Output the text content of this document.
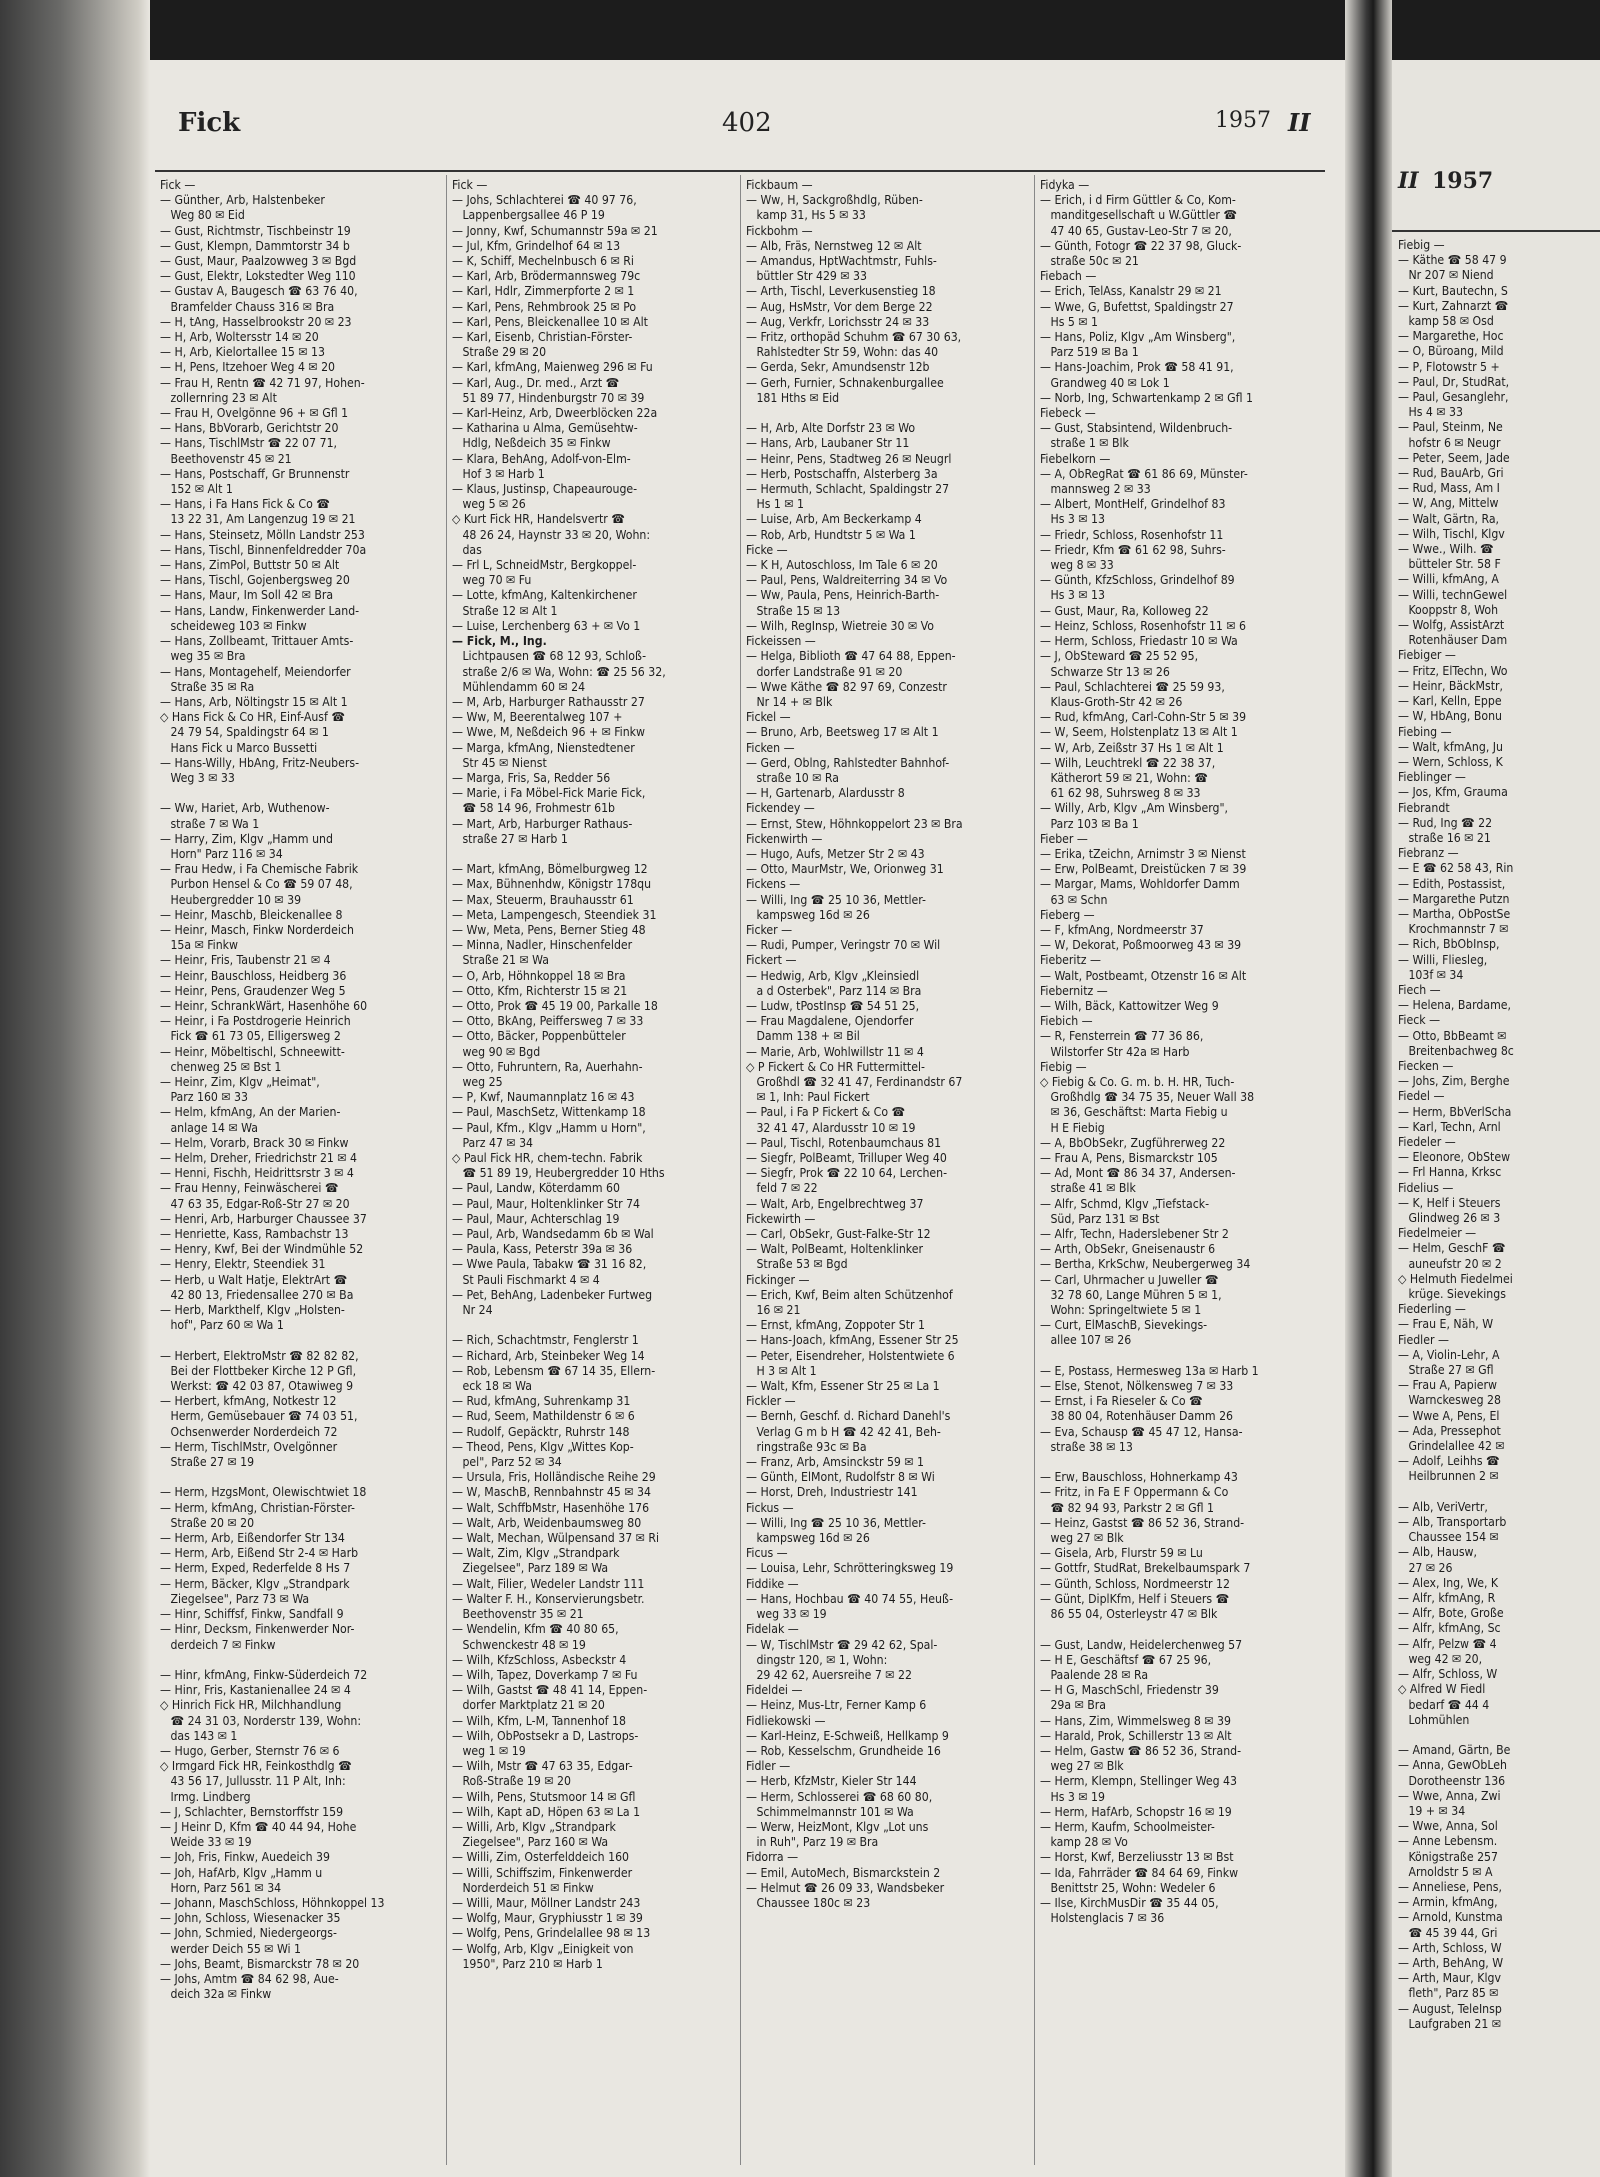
II 1957
Fiebig —
— Käthe ☎ 58 47 9
Nr 207 ✉ Niend
— Kurt, Bautechn, S
— Kurt, Zahnarzt ☎
kamp 58 ✉ Osd
— Margarethe, Hoc
— O, Büroang, Mild
— P, Flotowstr 5 +
— Paul, Dr, StudRat,
— Paul, Gesanglehr,
Hs 4 ✉ 33
— Paul, Steinm, Ne
hofstr 6 ✉ Neugr
— Peter, Seem, Jade
— Rud, BauArb, Gri
— Rud, Mass, Am I
— W, Ang, Mittelw
— Walt, Gärtn, Ra,
— Wilh, Tischl, Klgv
— Wwe., Wilh. ☎
bütteler Str. 58 F
— Willi, kfmAng, A
— Willi, technGewel
Kooppstr 8, Woh
— Wolfg, AssistArzt
Rotenhäuser Dam
Fiebiger —
— Fritz, ElTechn, Wo
— Heinr, BäckMstr,
— Karl, Kelln, Eppe
— W, HbAng, Bonu
Fiebing —
— Walt, kfmAng, Ju
— Wern, Schloss, K
Fieblinger —
— Jos, Kfm, Grauma
Fiebrandt
— Rud, Ing ☎ 22
straße 16 ✉ 21
Fiebranz —
— E ☎ 62 58 43, Rin
— Edith, Postassist,
— Margarethe Putzn
— Martha, ObPostSe
Krochmannstr 7 ✉
— Rich, BbObInsp,
— Willi, Fliesleg,
103f ✉ 34
Fiech —
— Helena, Bardame,
Fieck —
— Otto, BbBeamt ✉
Breitenbachweg 8c
Fiecken —
— Johs, Zim, Berghe
Fiedel —
— Herm, BbVerlScha
— Karl, Techn, Arnl
Fiedeler —
— Eleonore, ObStew
— Frl Hanna, Krksc
Fidelius —
— K, Helf i Steuers
Glindweg 26 ✉ 3
Fiedelmeier —
— Helm, GeschF ☎
auneufstr 20 ✉ 2
◇ Helmuth Fiedelmei
krüge. Sievekings
Fiederling —
— Frau E, Näh, W
Fiedler —
— A, Violin-Lehr, A
Straße 27 ✉ Gfl
— Frau A, Papierw
Warnckesweg 28
— Wwe A, Pens, El
— Ada, Pressephot
Grindelallee 42 ✉
— Adolf, Leihhs ☎
Heilbrunnen 2 ✉

— Alb, VeriVertr,
— Alb, Transportarb
Chaussee 154 ✉
— Alb, Hausw,
27 ✉ 26
— Alex, Ing, We, K
— Alfr, kfmAng, R
— Alfr, Bote, Große
— Alfr, kfmAng, Sc
— Alfr, Pelzw ☎ 4
weg 42 ✉ 20,
— Alfr, Schloss, W
◇ Alfred W Fiedl
bedarf ☎ 44 4
Lohmühlen

— Amand, Gärtn, Be
— Anna, GewObLeh
Dorotheenstr 136
— Wwe, Anna, Zwi
19 + ✉ 34
— Wwe, Anna, Sol
— Anne Lebensm.
Königstraße 257
Arnoldstr 5 ✉ A
— Anneliese, Pens,
— Armin, kfmAng,
— Arnold, Kunstma
☎ 45 39 44, Gri
— Arth, Schloss, W
— Arth, BehAng, W
— Arth, Maur, Klgv
fleth", Parz 85 ✉
— August, TeleInsp
Laufgraben 21 ✉
Fick	402	1957 II
Fick —
— Günther, Arb, Halstenbeker
Weg 80 ✉ Eid
— Gust, Richtmstr, Tischbeinstr 19
— Gust, Klempn, Dammtorstr 34 b
— Gust, Maur, Paalzowweg 3 ✉ Bgd
— Gust, Elektr, Lokstedter Weg 110
— Gustav A, Baugesch ☎ 63 76 40,
Bramfelder Chauss 316 ✉ Bra
— H, tAng, Hasselbrookstr 20 ✉ 23
— H, Arb, Woltersstr 14 ✉ 20
— H, Arb, Kielortallee 15 ✉ 13
— H, Pens, Itzehoer Weg 4 ✉ 20
— Frau H, Rentn ☎ 42 71 97, Hohen-
zollernring 23 ✉ Alt
— Frau H, Ovelgönne 96 + ✉ Gfl 1
— Hans, BbVorarb, Gerichtstr 20
— Hans, TischlMstr ☎ 22 07 71,
Beethovenstr 45 ✉ 21
— Hans, Postschaff, Gr Brunnenstr
152 ✉ Alt 1
— Hans, i Fa Hans Fick & Co ☎
13 22 31, Am Langenzug 19 ✉ 21
— Hans, Steinsetz, Mölln Landstr 253
— Hans, Tischl, Binnenfeldredder 70a
— Hans, ZimPol, Buttstr 50 ✉ Alt
— Hans, Tischl, Gojenbergsweg 20
— Hans, Maur, Im Soll 42 ✉ Bra
— Hans, Landw, Finkenwerder Land-
scheideweg 103 ✉ Finkw
— Hans, Zollbeamt, Trittauer Amts-
weg 35 ✉ Bra
— Hans, Montagehelf, Meiendorfer
Straße 35 ✉ Ra
— Hans, Arb, Nöltingstr 15 ✉ Alt 1
◇ Hans Fick & Co HR, Einf-Ausf ☎
24 79 54, Spaldingstr 64 ✉ 1
Hans Fick u Marco Bussetti
— Hans-Willy, HbAng, Fritz-Neubers-
Weg 3 ✉ 33

— Ww, Hariet, Arb, Wuthenow-
straße 7 ✉ Wa 1
— Harry, Zim, Klgv „Hamm und
Horn" Parz 116 ✉ 34
— Frau Hedw, i Fa Chemische Fabrik
Purbon Hensel & Co ☎ 59 07 48,
Heubergredder 10 ✉ 39
— Heinr, Maschb, Bleickenallee 8
— Heinr, Masch, Finkw Norderdeich
15a ✉ Finkw
— Heinr, Fris, Taubenstr 21 ✉ 4
— Heinr, Bauschloss, Heidberg 36
— Heinr, Pens, Graudenzer Weg 5
— Heinr, SchrankWärt, Hasenhöhe 60
— Heinr, i Fa Postdrogerie Heinrich
Fick ☎ 61 73 05, Elligersweg 2
— Heinr, Möbeltischl, Schneewitt-
chenweg 25 ✉ Bst 1
— Heinr, Zim, Klgv „Heimat",
Parz 160 ✉ 33
— Helm, kfmAng, An der Marien-
anlage 14 ✉ Wa
— Helm, Vorarb, Brack 30 ✉ Finkw
— Helm, Dreher, Friedrichstr 21 ✉ 4
— Henni, Fischh, Heidrittsrstr 3 ✉ 4
— Frau Henny, Feinwäscherei ☎
47 63 35, Edgar-Roß-Str 27 ✉ 20
— Henri, Arb, Harburger Chaussee 37
— Henriette, Kass, Rambachstr 13
— Henry, Kwf, Bei der Windmühle 52
— Henry, Elektr, Steendiek 31
— Herb, u Walt Hatje, ElektrArt ☎
42 80 13, Friedensallee 270 ✉ Ba
— Herb, Markthelf, Klgv „Holsten-
hof", Parz 60 ✉ Wa 1

— Herbert, ElektroMstr ☎ 82 82 82,
Bei der Flottbeker Kirche 12 P Gfl,
Werkst: ☎ 42 03 87, Otawiweg 9
— Herbert, kfmAng, Notkestr 12
Herm, Gemüsebauer ☎ 74 03 51,
Ochsenwerder Norderdeich 72
— Herm, TischlMstr, Ovelgönner
Straße 27 ✉ 19

— Herm, HzgsMont, Olewischtwiet 18
— Herm, kfmAng, Christian-Förster-
Straße 20 ✉ 20
— Herm, Arb, Eißendorfer Str 134
— Herm, Arb, Eißend Str 2-4 ✉ Harb
— Herm, Exped, Rederfelde 8 Hs 7
— Herm, Bäcker, Klgv „Strandpark
Ziegelsee", Parz 73 ✉ Wa
— Hinr, Schiffsf, Finkw, Sandfall 9
— Hinr, Decksm, Finkenwerder Nor-
derdeich 7 ✉ Finkw

— Hinr, kfmAng, Finkw-Süderdeich 72
— Hinr, Fris, Kastanienallee 24 ✉ 4
◇ Hinrich Fick HR, Milchhandlung
☎ 24 31 03, Norderstr 139, Wohn:
das 143 ✉ 1
— Hugo, Gerber, Sternstr 76 ✉ 6
◇ Irmgard Fick HR, Feinkosthdlg ☎
43 56 17, Jullusstr. 11 P Alt, Inh:
Irmg. Lindberg
— J, Schlachter, Bernstorffstr 159
— J Heinr D, Kfm ☎ 40 44 94, Hohe
Weide 33 ✉ 19
— Joh, Fris, Finkw, Auedeich 39
— Joh, HafArb, Klgv „Hamm u
Horn, Parz 561 ✉ 34
— Johann, MaschSchloss, Höhnkoppel 13
— John, Schloss, Wiesenacker 35
— John, Schmied, Niedergeorgs-
werder Deich 55 ✉ Wi 1
— Johs, Beamt, Bismarckstr 78 ✉ 20
— Johs, Amtm ☎ 84 62 98, Aue-
deich 32a ✉ Finkw
Fick —
— Johs, Schlachterei ☎ 40 97 76,
Lappenbergsallee 46 P 19
— Jonny, Kwf, Schumannstr 59a ✉ 21
— Jul, Kfm, Grindelhof 64 ✉ 13
— K, Schiff, Mechelnbusch 6 ✉ Ri
— Karl, Arb, Brödermannsweg 79c
— Karl, Hdlr, Zimmerpforte 2 ✉ 1
— Karl, Pens, Rehmbrook 25 ✉ Po
— Karl, Pens, Bleickenallee 10 ✉ Alt
— Karl, Eisenb, Christian-Förster-
Straße 29 ✉ 20
— Karl, kfmAng, Maienweg 296 ✉ Fu
— Karl, Aug., Dr. med., Arzt ☎
51 89 77, Hindenburgstr 70 ✉ 39
— Karl-Heinz, Arb, Dweerblöcken 22a
— Katharina u Alma, Gemüsehtw-
Hdlg, Neßdeich 35 ✉ Finkw
— Klara, BehAng, Adolf-von-Elm-
Hof 3 ✉ Harb 1
— Klaus, Justinsp, Chapeaurouge-
weg 5 ✉ 26
◇ Kurt Fick HR, Handelsvertr ☎
48 26 24, Haynstr 33 ✉ 20, Wohn:
das
— Frl L, SchneidMstr, Bergkoppel-
weg 70 ✉ Fu
— Lotte, kfmAng, Kaltenkirchener
Straße 12 ✉ Alt 1
— Luise, Lerchenberg 63 + ✉ Vo 1
— Fick, M., Ing.
Lichtpausen ☎ 68 12 93, Schloß-
straße 2/6 ✉ Wa, Wohn: ☎ 25 56 32,
Mühlendamm 60 ✉ 24
— M, Arb, Harburger Rathausstr 27
— Ww, M, Beerentalweg 107 +
— Wwe, M, Neßdeich 96 + ✉ Finkw
— Marga, kfmAng, Nienstedtener
Str 45 ✉ Nienst
— Marga, Fris, Sa, Redder 56
— Marie, i Fa Möbel-Fick Marie Fick,
☎ 58 14 96, Frohmestr 61b
— Mart, Arb, Harburger Rathaus-
straße 27 ✉ Harb 1

— Mart, kfmAng, Bömelburgweg 12
— Max, Bühnenhdw, Königstr 178qu
— Max, Steuerm, Brauhausstr 61
— Meta, Lampengesch, Steendiek 31
— Ww, Meta, Pens, Berner Stieg 48
— Minna, Nadler, Hinschenfelder
Straße 21 ✉ Wa
— O, Arb, Höhnkoppel 18 ✉ Bra
— Otto, Kfm, Richterstr 15 ✉ 21
— Otto, Prok ☎ 45 19 00, Parkalle 18
— Otto, BkAng, Peiffersweg 7 ✉ 33
— Otto, Bäcker, Poppenbütteler
weg 90 ✉ Bgd
— Otto, Fuhruntern, Ra, Auerhahn-
weg 25
— P, Kwf, Naumannplatz 16 ✉ 43
— Paul, MaschSetz, Wittenkamp 18
— Paul, Kfm., Klgv „Hamm u Horn",
Parz 47 ✉ 34
◇ Paul Fick HR, chem-techn. Fabrik
☎ 51 89 19, Heubergredder 10 Hths
— Paul, Landw, Köterdamm 60
— Paul, Maur, Holtenklinker Str 74
— Paul, Maur, Achterschlag 19
— Paul, Arb, Wandsedamm 6b ✉ Wal
— Paula, Kass, Peterstr 39a ✉ 36
— Wwe Paula, Tabakw ☎ 31 16 82,
St Pauli Fischmarkt 4 ✉ 4
— Pet, BehAng, Ladenbeker Furtweg
Nr 24

— Rich, Schachtmstr, Fenglerstr 1
— Richard, Arb, Steinbeker Weg 14
— Rob, Lebensm ☎ 67 14 35, Ellern-
eck 18 ✉ Wa
— Rud, kfmAng, Suhrenkamp 31
— Rud, Seem, Mathildenstr 6 ✉ 6
— Rudolf, Gepäcktr, Ruhrstr 148
— Theod, Pens, Klgv „Wittes Kop-
pel", Parz 52 ✉ 34
— Ursula, Fris, Holländische Reihe 29
— W, MaschB, Rennbahnstr 45 ✉ 34
— Walt, SchffbMstr, Hasenhöhe 176
— Walt, Arb, Weidenbaumsweg 80
— Walt, Mechan, Wülpensand 37 ✉ Ri
— Walt, Zim, Klgv „Strandpark
Ziegelsee", Parz 189 ✉ Wa
— Walt, Filier, Wedeler Landstr 111
— Walter F. H., Konservierungsbetr.
Beethovenstr 35 ✉ 21
— Wendelin, Kfm ☎ 40 80 65,
Schwenckestr 48 ✉ 19
— Wilh, KfzSchloss, Asbeckstr 4
— Wilh, Tapez, Doverkamp 7 ✉ Fu
— Wilh, Gastst ☎ 48 41 14, Eppen-
dorfer Marktplatz 21 ✉ 20
— Wilh, Kfm, L-M, Tannenhof 18
— Wilh, ObPostsekr a D, Lastrops-
weg 1 ✉ 19
— Wilh, Mstr ☎ 47 63 35, Edgar-
Roß-Straße 19 ✉ 20
— Wilh, Pens, Stutsmoor 14 ✉ Gfl
— Wilh, Kapt aD, Höpen 63 ✉ La 1
— Willi, Arb, Klgv „Strandpark
Ziegelsee", Parz 160 ✉ Wa
— Willi, Zim, Osterfelddeich 160
— Willi, Schiffszim, Finkenwerder
Norderdeich 51 ✉ Finkw
— Willi, Maur, Möllner Landstr 243
— Wolfg, Maur, Gryphiusstr 1 ✉ 39
— Wolfg, Pens, Grindelallee 98 ✉ 13
— Wolfg, Arb, Klgv „Einigkeit von
1950", Parz 210 ✉ Harb 1
Fickbaum —
— Ww, H, Sackgroßhdlg, Rüben-
kamp 31, Hs 5 ✉ 33
Fickbohm —
— Alb, Fräs, Nernstweg 12 ✉ Alt
— Amandus, HptWachtmstr, Fuhls-
büttler Str 429 ✉ 33
— Arth, Tischl, Leverkusenstieg 18
— Aug, HsMstr, Vor dem Berge 22
— Aug, Verkfr, Lorichsstr 24 ✉ 33
— Fritz, orthopäd Schuhm ☎ 67 30 63,
Rahlstedter Str 59, Wohn: das 40
— Gerda, Sekr, Amundsenstr 12b
— Gerh, Furnier, Schnakenburgallee
181 Hths ✉ Eid

— H, Arb, Alte Dorfstr 23 ✉ Wo
— Hans, Arb, Laubaner Str 11
— Heinr, Pens, Stadtweg 26 ✉ Neugrl
— Herb, Postschaffn, Alsterberg 3a
— Hermuth, Schlacht, Spaldingstr 27
Hs 1 ✉ 1
— Luise, Arb, Am Beckerkamp 4
— Rob, Arb, Hundtstr 5 ✉ Wa 1
Ficke —
— K H, Autoschloss, Im Tale 6 ✉ 20
— Paul, Pens, Waldreiterring 34 ✉ Vo
— Ww, Paula, Pens, Heinrich-Barth-
Straße 15 ✉ 13
— Wilh, RegInsp, Wietreie 30 ✉ Vo
Fickeissen —
— Helga, Biblioth ☎ 47 64 88, Eppen-
dorfer Landstraße 91 ✉ 20
— Wwe Käthe ☎ 82 97 69, Conzestr
Nr 14 + ✉ Blk
Fickel —
— Bruno, Arb, Beetsweg 17 ✉ Alt 1
Ficken —
— Gerd, Oblng, Rahlstedter Bahnhof-
straße 10 ✉ Ra
— H, Gartenarb, Alardusstr 8
Fickendey —
— Ernst, Stew, Höhnkoppelort 23 ✉ Bra
Fickenwirth —
— Hugo, Aufs, Metzer Str 2 ✉ 43
— Otto, MaurMstr, We, Orionweg 31
Fickens —
— Willi, Ing ☎ 25 10 36, Mettler-
kampsweg 16d ✉ 26
Ficker —
— Rudi, Pumper, Veringstr 70 ✉ Wil
Fickert —
— Hedwig, Arb, Klgv „Kleinsiedl
a d Osterbek", Parz 114 ✉ Bra
— Ludw, tPostInsp ☎ 54 51 25,
— Frau Magdalene, Ojendorfer
Damm 138 + ✉ Bil
— Marie, Arb, Wohlwillstr 11 ✉ 4
◇ P Fickert & Co HR Futtermittel-
Großhdl ☎ 32 41 47, Ferdinandstr 67
✉ 1, Inh: Paul Fickert
— Paul, i Fa P Fickert & Co ☎
32 41 47, Alardusstr 10 ✉ 19
— Paul, Tischl, Rotenbaumchaus 81
— Siegfr, PolBeamt, Trilluper Weg 40
— Siegfr, Prok ☎ 22 10 64, Lerchen-
feld 7 ✉ 22
— Walt, Arb, Engelbrechtweg 37
Fickewirth —
— Carl, ObSekr, Gust-Falke-Str 12
— Walt, PolBeamt, Holtenklinker
Straße 53 ✉ Bgd
Fickinger —
— Erich, Kwf, Beim alten Schützenhof
16 ✉ 21
— Ernst, kfmAng, Zoppoter Str 1
— Hans-Joach, kfmAng, Essener Str 25
— Peter, Eisendreher, Holstentwiete 6
H 3 ✉ Alt 1
— Walt, Kfm, Essener Str 25 ✉ La 1
Fickler —
— Bernh, Geschf. d. Richard Danehl's
Verlag G m b H ☎ 42 42 41, Beh-
ringstraße 93c ✉ Ba
— Franz, Arb, Amsinckstr 59 ✉ 1
— Günth, ElMont, Rudolfstr 8 ✉ Wi
— Horst, Dreh, Industriestr 141
Fickus —
— Willi, Ing ☎ 25 10 36, Mettler-
kampsweg 16d ✉ 26
Ficus —
— Louisa, Lehr, Schrötteringksweg 19
Fiddike —
— Hans, Hochbau ☎ 40 74 55, Heuß-
weg 33 ✉ 19
Fidelak —
— W, TischlMstr ☎ 29 42 62, Spal-
dingstr 120, ✉ 1, Wohn:
29 42 62, Auersreihe 7 ✉ 22
Fideldei —
— Heinz, Mus-Ltr, Ferner Kamp 6
Fidliekowski —
— Karl-Heinz, E-Schweiß, Hellkamp 9
— Rob, Kesselschm, Grundheide 16
Fidler —
— Herb, KfzMstr, Kieler Str 144
— Herm, Schlosserei ☎ 68 60 80,
Schimmelmannstr 101 ✉ Wa
— Werw, HeizMont, Klgv „Lot uns
in Ruh", Parz 19 ✉ Bra
Fidorra —
— Emil, AutoMech, Bismarckstein 2
— Helmut ☎ 26 09 33, Wandsbeker
Chaussee 180c ✉ 23
Fidyka —
— Erich, i d Firm Güttler & Co, Kom-
manditgesellschaft u W.Güttler ☎
47 40 65, Gustav-Leo-Str 7 ✉ 20,
— Günth, Fotogr ☎ 22 37 98, Gluck-
straße 50c ✉ 21
Fiebach —
— Erich, TelAss, Kanalstr 29 ✉ 21
— Wwe, G, Bufettst, Spaldingstr 27
Hs 5 ✉ 1
— Hans, Poliz, Klgv „Am Winsberg",
Parz 519 ✉ Ba 1
— Hans-Joachim, Prok ☎ 58 41 91,
Grandweg 40 ✉ Lok 1
— Norb, Ing, Schwartenkamp 2 ✉ Gfl 1
Fiebeck —
— Gust, Stabsintend, Wildenbruch-
straße 1 ✉ Blk
Fiebelkorn —
— A, ObRegRat ☎ 61 86 69, Münster-
mannsweg 2 ✉ 33
— Albert, MontHelf, Grindelhof 83
Hs 3 ✉ 13
— Friedr, Schloss, Rosenhofstr 11
— Friedr, Kfm ☎ 61 62 98, Suhrs-
weg 8 ✉ 33
— Günth, KfzSchloss, Grindelhof 89
Hs 3 ✉ 13
— Gust, Maur, Ra, Kolloweg 22
— Heinz, Schloss, Rosenhofstr 11 ✉ 6
— Herm, Schloss, Friedastr 10 ✉ Wa
— J, ObSteward ☎ 25 52 95,
Schwarze Str 13 ✉ 26
— Paul, Schlachterei ☎ 25 59 93,
Klaus-Groth-Str 42 ✉ 26
— Rud, kfmAng, Carl-Cohn-Str 5 ✉ 39
— W, Seem, Holstenplatz 13 ✉ Alt 1
— W, Arb, Zeißstr 37 Hs 1 ✉ Alt 1
— Wilh, Leuchtrekl ☎ 22 38 37,
Kätherort 59 ✉ 21, Wohn: ☎
61 62 98, Suhrsweg 8 ✉ 33
— Willy, Arb, Klgv „Am Winsberg",
Parz 103 ✉ Ba 1
Fieber —
— Erika, tZeichn, Arnimstr 3 ✉ Nienst
— Erw, PolBeamt, Dreistücken 7 ✉ 39
— Margar, Mams, Wohldorfer Damm
63 ✉ Schn
Fieberg —
— F, kfmAng, Nordmeerstr 37
— W, Dekorat, Poßmoorweg 43 ✉ 39
Fieberitz —
— Walt, Postbeamt, Otzenstr 16 ✉ Alt
Fiebernitz —
— Wilh, Bäck, Kattowitzer Weg 9
Fiebich —
— R, Fensterrein ☎ 77 36 86,
Wilstorfer Str 42a ✉ Harb
Fiebig —
◇ Fiebig & Co. G. m. b. H. HR, Tuch-
Großhdlg ☎ 34 75 35, Neuer Wall 38
✉ 36, Geschäftst: Marta Fiebig u
H E Fiebig
— A, BbObSekr, Zugführerweg 22
— Frau A, Pens, Bismarckstr 105
— Ad, Mont ☎ 86 34 37, Andersen-
straße 41 ✉ Blk
— Alfr, Schmd, Klgv „Tiefstack-
Süd, Parz 131 ✉ Bst
— Alfr, Techn, Haderslebener Str 2
— Arth, ObSekr, Gneisenaustr 6
— Bertha, KrkSchw, Neubergerweg 34
— Carl, Uhrmacher u Juweller ☎
32 78 60, Lange Mühren 5 ✉ 1,
Wohn: Springeltwiete 5 ✉ 1
— Curt, ElMaschB, Sievekings-
allee 107 ✉ 26

— E, Postass, Hermesweg 13a ✉ Harb 1
— Else, Stenot, Nölkensweg 7 ✉ 33
— Ernst, i Fa Rieseler & Co ☎
38 80 04, Rotenhäuser Damm 26
— Eva, Schausp ☎ 45 47 12, Hansa-
straße 38 ✉ 13

— Erw, Bauschloss, Hohnerkamp 43
— Fritz, in Fa E F Oppermann & Co
☎ 82 94 93, Parkstr 2 ✉ Gfl 1
— Heinz, Gastst ☎ 86 52 36, Strand-
weg 27 ✉ Blk
— Gisela, Arb, Flurstr 59 ✉ Lu
— Gottfr, StudRat, Brekelbaumspark 7
— Günth, Schloss, Nordmeerstr 12
— Günt, DiplKfm, Helf i Steuers ☎
86 55 04, Osterleystr 47 ✉ Blk

— Gust, Landw, Heidelerchenweg 57
— H E, Geschäftsf ☎ 67 25 96,
Paalende 28 ✉ Ra
— H G, MaschSchl, Friedenstr 39
29a ✉ Bra
— Hans, Zim, Wimmelsweg 8 ✉ 39
— Harald, Prok, Schillerstr 13 ✉ Alt
— Helm, Gastw ☎ 86 52 36, Strand-
weg 27 ✉ Blk
— Herm, Klempn, Stellinger Weg 43
Hs 3 ✉ 19
— Herm, HafArb, Schopstr 16 ✉ 19
— Herm, Kaufm, Schoolmeister-
kamp 28 ✉ Vo
— Horst, Kwf, Berzeliusstr 13 ✉ Bst
— Ida, Fahrräder ☎ 84 64 69, Finkw
Benittstr 25, Wohn: Wedeler 6
— Ilse, KirchMusDir ☎ 35 44 05,
Holstenglacis 7 ✉ 36
